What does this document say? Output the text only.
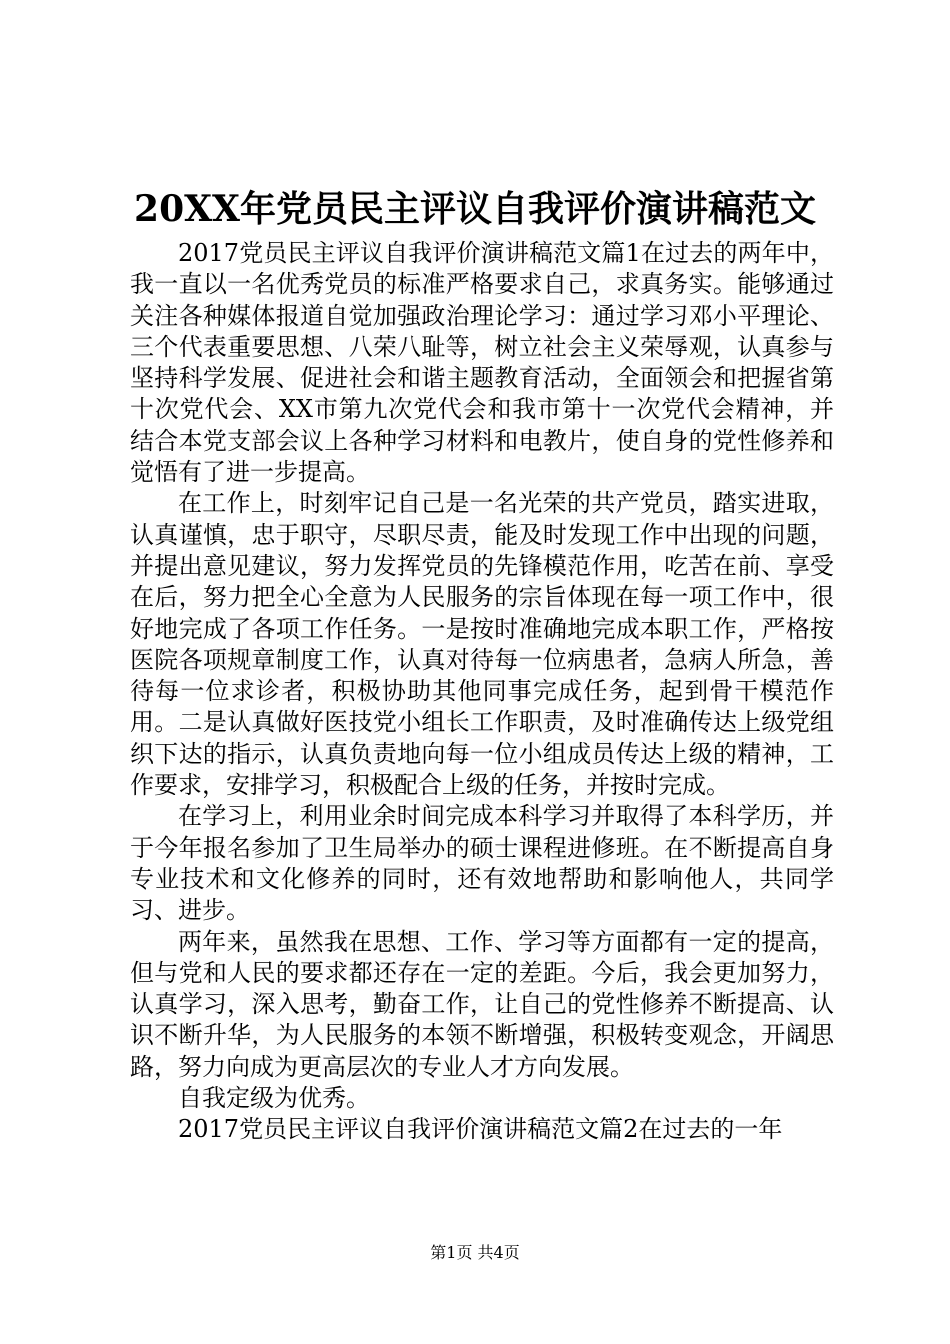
20XX年党员民主评议自我评价演讲稿范文

2017党员民主评议自我评价演讲稿范文篇1在过去的两年中，我一直以一名优秀党员的标准严格要求自己，求真务实。能够通过关注各种媒体报道自觉加强政治理论学习：通过学习邓小平理论、三个代表重要思想、八荣八耻等，树立社会主义荣辱观，认真参与坚持科学发展、促进社会和谐主题教育活动，全面领会和把握省第十次党代会、XX市第九次党代会和我市第十一次党代会精神，并结合本党支部会议上各种学习材料和电教片，使自身的党性修养和觉悟有了进一步提高。

在工作上，时刻牢记自己是一名光荣的共产党员，踏实进取，认真谨慎，忠于职守，尽职尽责，能及时发现工作中出现的问题，并提出意见建议，努力发挥党员的先锋模范作用，吃苦在前、享受在后，努力把全心全意为人民服务的宗旨体现在每一项工作中，很好地完成了各项工作任务。一是按时准确地完成本职工作，严格按医院各项规章制度工作，认真对待每一位病患者，急病人所急，善待每一位求诊者，积极协助其他同事完成任务，起到骨干模范作用。二是认真做好医技党小组长工作职责，及时准确传达上级党组织下达的指示，认真负责地向每一位小组成员传达上级的精神，工作要求，安排学习，积极配合上级的任务，并按时完成。

在学习上，利用业余时间完成本科学习并取得了本科学历，并于今年报名参加了卫生局举办的硕士课程进修班。在不断提高自身专业技术和文化修养的同时，还有效地帮助和影响他人，共同学习、进步。

两年来，虽然我在思想、工作、学习等方面都有一定的提高，但与党和人民的要求都还存在一定的差距。今后，我会更加努力，认真学习，深入思考，勤奋工作，让自己的党性修养不断提高、认识不断升华，为人民服务的本领不断增强，积极转变观念，开阔思路，努力向成为更高层次的专业人才方向发展。

自我定级为优秀。

2017党员民主评议自我评价演讲稿范文篇2在过去的一年

第1页 共4页
